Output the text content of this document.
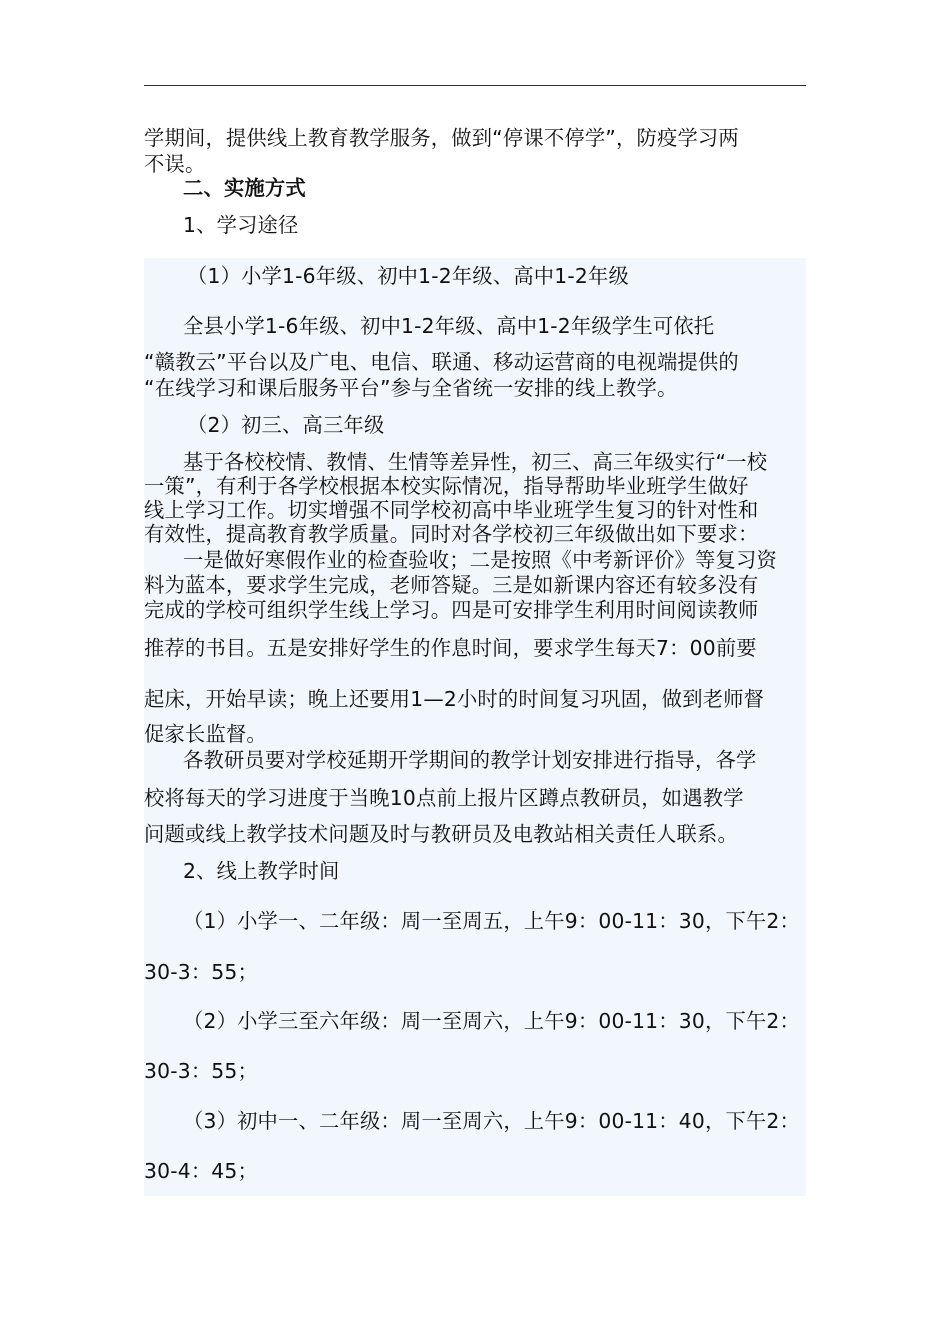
学期间，提供线上教育教学服务，做到“停课不停学”，防疫学习两

不误。

二、实施方式

1、学习途径

（1）小学1-6年级、初中1-2年级、高中1-2年级

全县小学1-6年级、初中1-2年级、高中1-2年级学生可依托

“赣教云”平台以及广电、电信、联通、移动运营商的电视端提供的

“在线学习和课后服务平台”参与全省统一安排的线上教学。

（2）初三、高三年级

基于各校校情、教情、生情等差异性，初三、高三年级实行“一校

一策”，有利于各学校根据本校实际情况，指导帮助毕业班学生做好

线上学习工作。切实增强不同学校初高中毕业班学生复习的针对性和

有效性，提高教育教学质量。同时对各学校初三年级做出如下要求：

一是做好寒假作业的检查验收；二是按照《中考新评价》等复习资

料为蓝本，要求学生完成，老师答疑。三是如新课内容还有较多没有

完成的学校可组织学生线上学习。四是可安排学生利用时间阅读教师

推荐的书目。五是安排好学生的作息时间，要求学生每天7：00前要

起床，开始早读；晚上还要用1—2小时的时间复习巩固，做到老师督

促家长监督。

各教研员要对学校延期开学期间的教学计划安排进行指导，各学

校将每天的学习进度于当晚10点前上报片区蹲点教研员，如遇教学

问题或线上教学技术问题及时与教研员及电教站相关责任人联系。

2、线上教学时间

（1）小学一、二年级：周一至周五，上午9：00-11：30，下午2：

30-3：55；

（2）小学三至六年级：周一至周六，上午9：00-11：30，下午2：

30-3：55；

（3）初中一、二年级：周一至周六，上午9：00-11：40，下午2：

30-4：45；
